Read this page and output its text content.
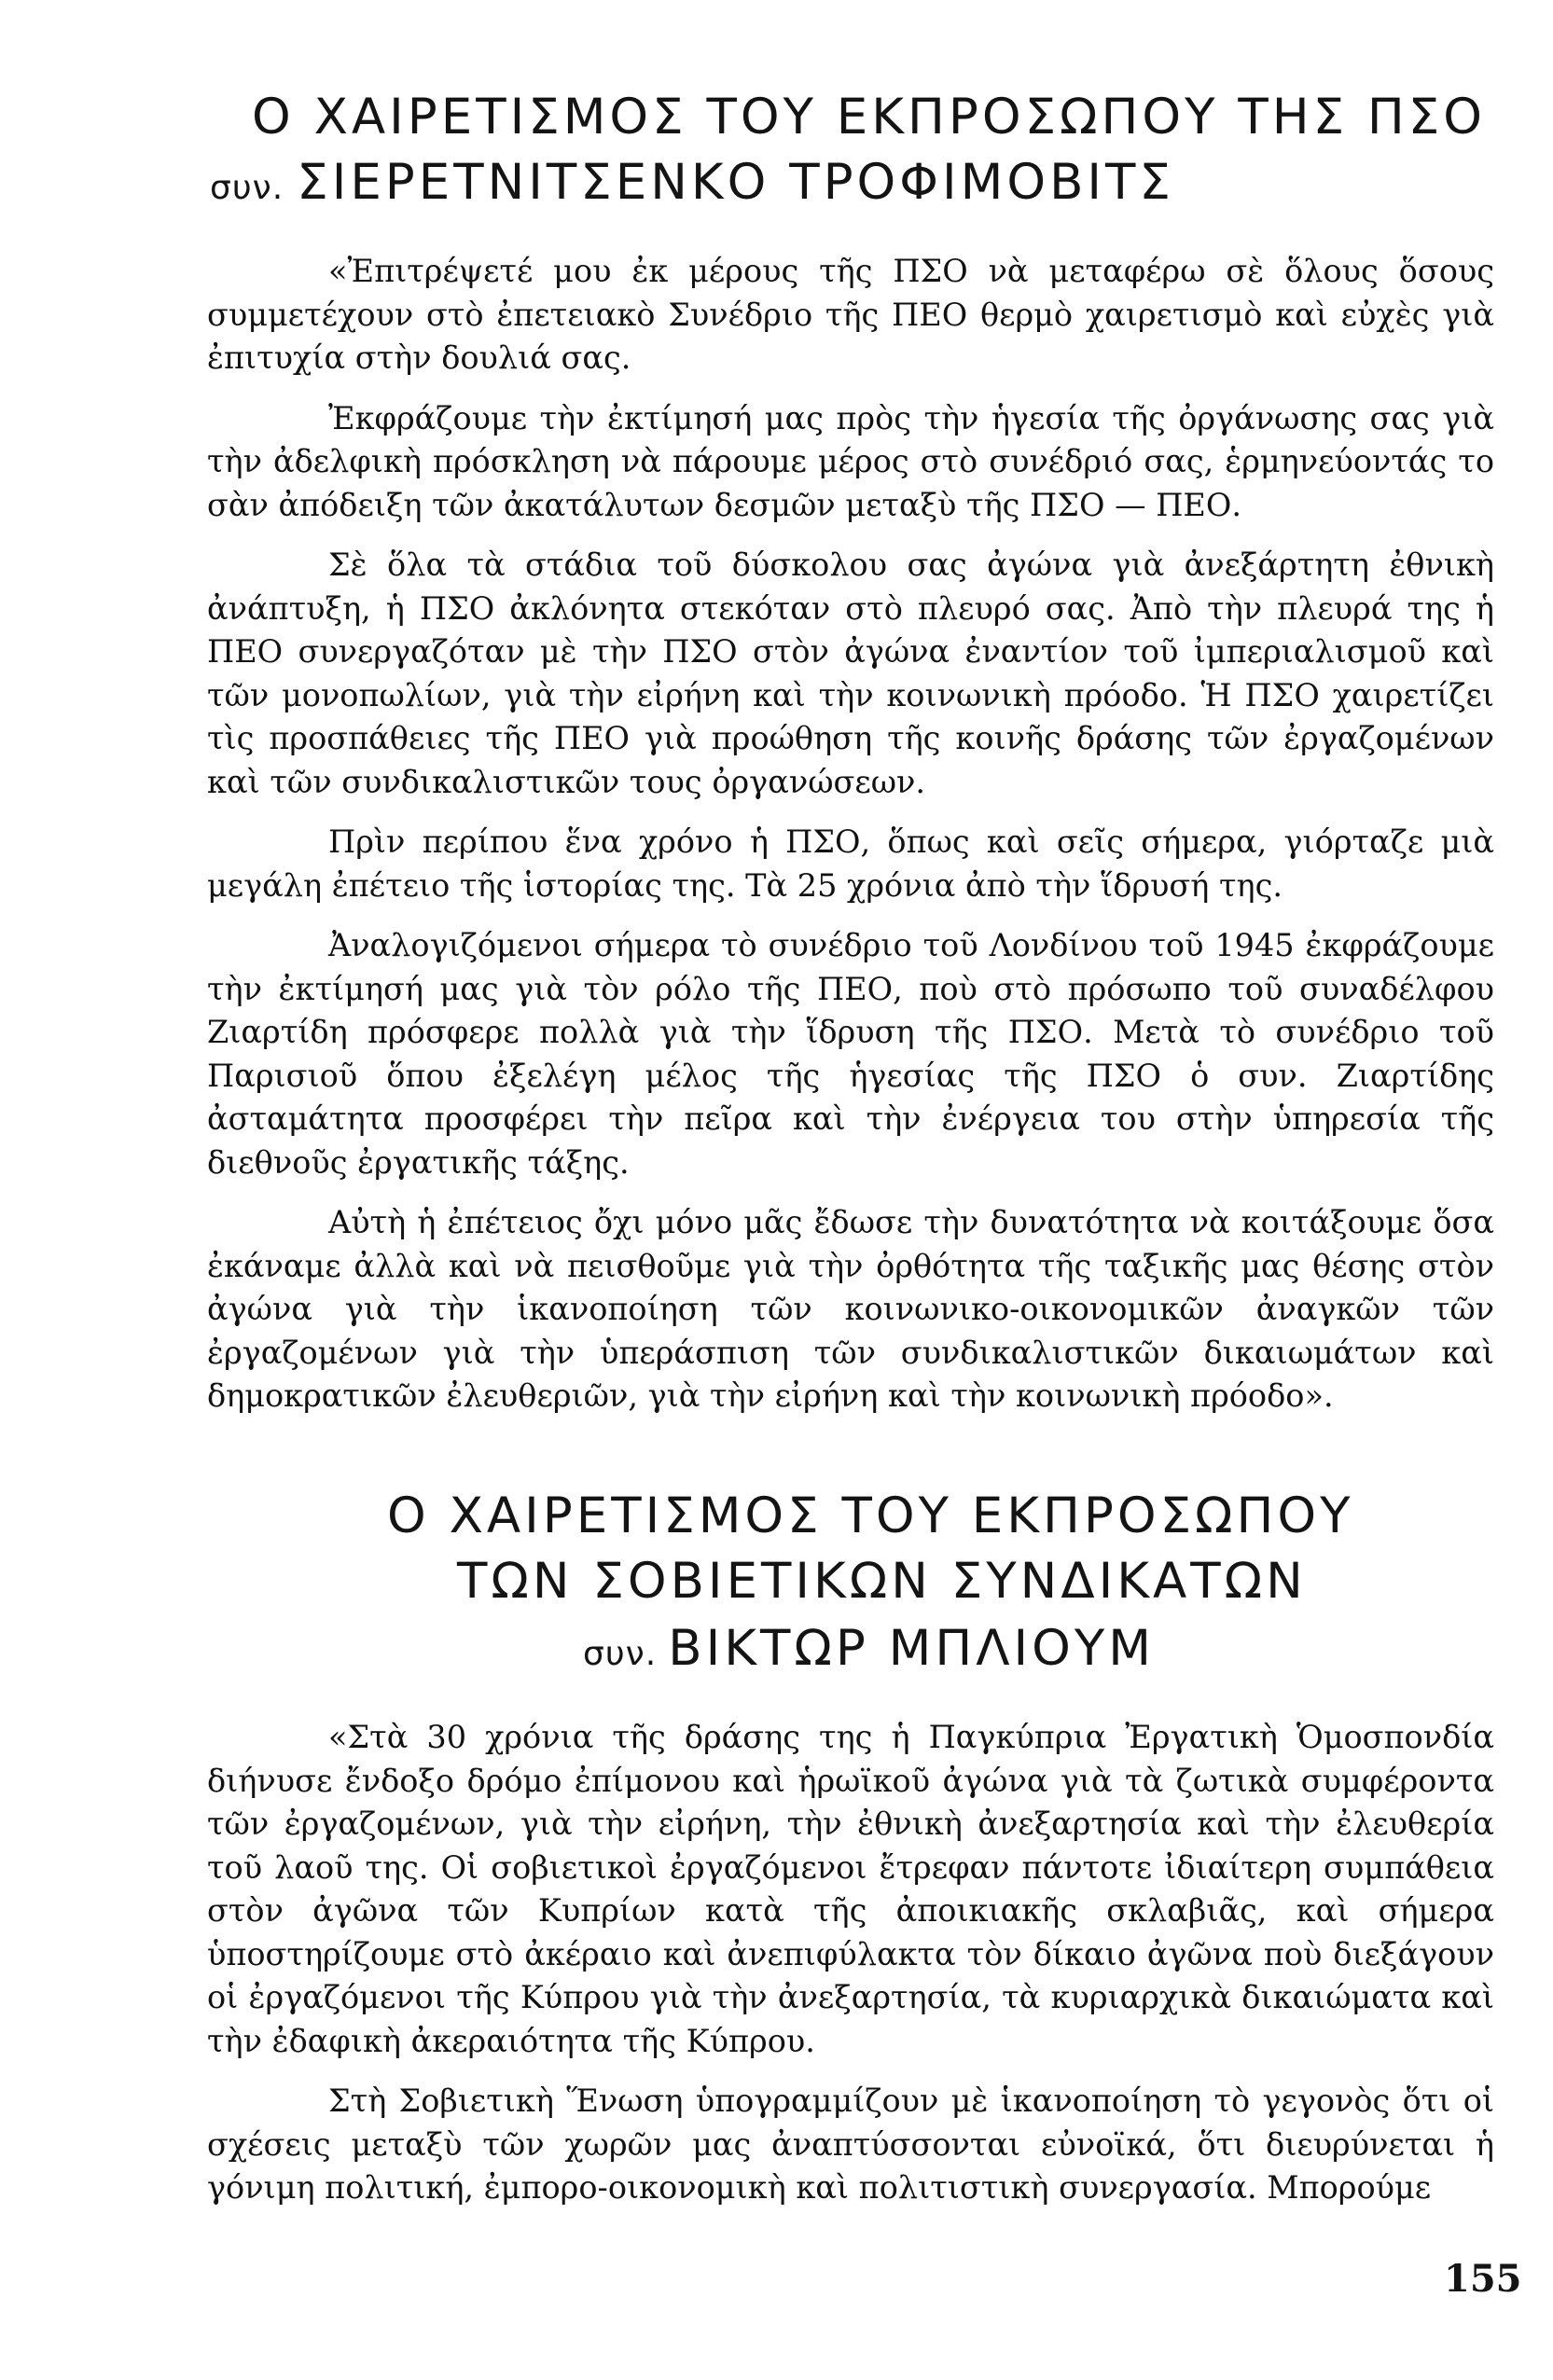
Ο ΧΑΙΡΕΤΙΣΜΟΣ ΤΟΥ ΕΚΠΡΟΣΩΠΟΥ ΤΗΣ ΠΣΟ
συν. ΣΙΕΡΕΤΝΙΤΣΕΝΚΟ ΤΡΟΦΙΜΟΒΙΤΣ

«Ἐπιτρέψετέ μου ἐκ μέρους τῆς ΠΣΟ νὰ μεταφέρω σὲ ὅλους ὅσους συμμετέχουν στὸ ἐπετειακὸ Συνέδριο τῆς ΠΕΟ θερμὸ χαιρετισμὸ καὶ εὐχὲς γιὰ ἐπιτυχία στὴν δουλιά σας.

Ἐκφράζουμε τὴν ἐκτίμησή μας πρὸς τὴν ἡγεσία τῆς ὀργάνωσης σας γιὰ τὴν ἀδελφικὴ πρόσκληση νὰ πάρουμε μέρος στὸ συνέδριό σας, ἑρμηνεύοντάς το σὰν ἀπόδειξη τῶν ἀκατάλυτων δεσμῶν μεταξὺ τῆς ΠΣΟ — ΠΕΟ.

Σὲ ὅλα τὰ στάδια τοῦ δύσκολου σας ἀγώνα γιὰ ἀνεξάρτητη ἐθνικὴ ἀνάπτυξη, ἡ ΠΣΟ ἀκλόνητα στεκόταν στὸ πλευρό σας. Ἀπὸ τὴν πλευρά της ἡ ΠΕΟ συνεργαζόταν μὲ τὴν ΠΣΟ στὸν ἀγώνα ἐναντίον τοῦ ἰμπεριαλισμοῦ καὶ τῶν μονοπωλίων, γιὰ τὴν εἰρήνη καὶ τὴν κοινωνικὴ πρόοδο. Ἡ ΠΣΟ χαιρετίζει τὶς προσπάθειες τῆς ΠΕΟ γιὰ προώθηση τῆς κοινῆς δράσης τῶν ἐργαζομένων καὶ τῶν συνδικαλιστικῶν τους ὀργανώσεων.

Πρὶν περίπου ἕνα χρόνο ἡ ΠΣΟ, ὅπως καὶ σεῖς σήμερα, γιόρταζε μιὰ μεγάλη ἐπέτειο τῆς ἱστορίας της. Τὰ 25 χρόνια ἀπὸ τὴν ἵδρυσή της.

Ἀναλογιζόμενοι σήμερα τὸ συνέδριο τοῦ Λονδίνου τοῦ 1945 ἐκφράζουμε τὴν ἐκτίμησή μας γιὰ τὸν ρόλο τῆς ΠΕΟ, ποὺ στὸ πρόσωπο τοῦ συναδέλφου Ζιαρτίδη πρόσφερε πολλὰ γιὰ τὴν ἵδρυση τῆς ΠΣΟ. Μετὰ τὸ συνέδριο τοῦ Παρισιοῦ ὅπου ἐξελέγη μέλος τῆς ἡγεσίας τῆς ΠΣΟ ὁ συν. Ζιαρτίδης ἀσταμάτητα προσφέρει τὴν πεῖρα καὶ τὴν ἐνέργεια του στὴν ὑπηρεσία τῆς διεθνοῦς ἐργατικῆς τάξης.

Αὐτὴ ἡ ἐπέτειος ὄχι μόνο μᾶς ἔδωσε τὴν δυνατότητα νὰ κοιτάξουμε ὅσα ἐκάναμε ἀλλὰ καὶ νὰ πεισθοῦμε γιὰ τὴν ὀρθότητα τῆς ταξικῆς μας θέσης στὸν ἀγώνα γιὰ τὴν ἱκανοποίηση τῶν κοινωνικο-οικονομικῶν ἀναγκῶν τῶν ἐργαζομένων γιὰ τὴν ὑπεράσπιση τῶν συνδικαλιστικῶν δικαιωμάτων καὶ δημοκρατικῶν ἐλευθεριῶν, γιὰ τὴν εἰρήνη καὶ τὴν κοινωνικὴ πρόοδο».

Ο ΧΑΙΡΕΤΙΣΜΟΣ ΤΟΥ ΕΚΠΡΟΣΩΠΟΥ
ΤΩΝ ΣΟΒΙΕΤΙΚΩΝ ΣΥΝΔΙΚΑΤΩΝ
συν. ΒΙΚΤΩΡ ΜΠΛΙΟΥΜ

«Στὰ 30 χρόνια τῆς δράσης της ἡ Παγκύπρια Ἐργατικὴ Ὁμοσπονδία διήνυσε ἔνδοξο δρόμο ἐπίμονου καὶ ἡρωϊκοῦ ἀγώνα γιὰ τὰ ζωτικὰ συμφέροντα τῶν ἐργαζομένων, γιὰ τὴν εἰρήνη, τὴν ἐθνικὴ ἀνεξαρτησία καὶ τὴν ἐλευθερία τοῦ λαοῦ της. Οἱ σοβιετικοὶ ἐργαζόμενοι ἔτρεφαν πάντοτε ἰδιαίτερη συμπάθεια στὸν ἀγῶνα τῶν Κυπρίων κατὰ τῆς ἀποικιακῆς σκλαβιᾶς, καὶ σήμερα ὑποστηρίζουμε στὸ ἀκέραιο καὶ ἀνεπιφύλακτα τὸν δίκαιο ἀγῶνα ποὺ διεξάγουν οἱ ἐργαζόμενοι τῆς Κύπρου γιὰ τὴν ἀνεξαρτησία, τὰ κυριαρχικὰ δικαιώματα καὶ τὴν ἐδαφικὴ ἀκεραιότητα τῆς Κύπρου.

Στὴ Σοβιετικὴ Ἕνωση ὑπογραμμίζουν μὲ ἱκανοποίηση τὸ γεγονὸς ὅτι οἱ σχέσεις μεταξὺ τῶν χωρῶν μας ἀναπτύσσονται εὐνοϊκά, ὅτι διευρύνεται ἡ γόνιμη πολιτική, ἐμπορο-οικονομικὴ καὶ πολιτιστικὴ συνεργασία. Μπορούμε

155
